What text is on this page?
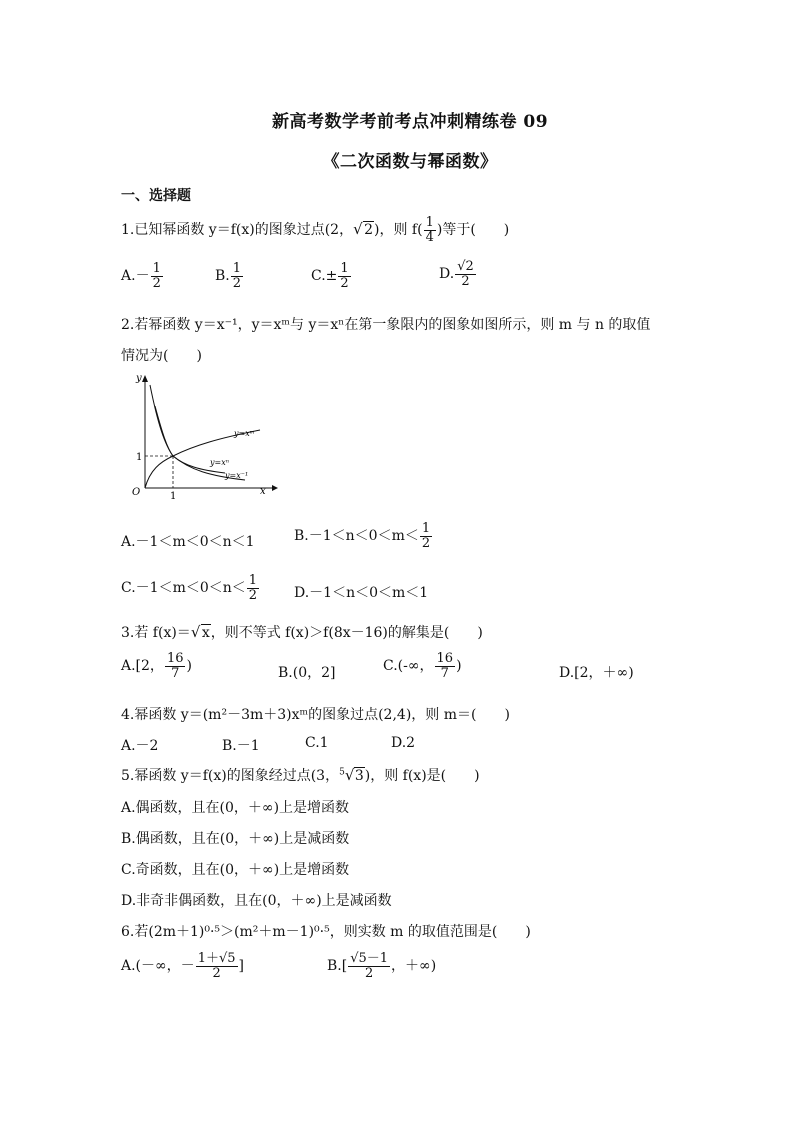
新高考数学考前考点冲刺精练卷 09
《二次函数与幂函数》
一、选择题
1.已知幂函数 y＝f(x)的图象过点(2， √ 2)，则 $f( \frac{1}{4}$ )等于(　　)
$A.- \frac{1}{2}$	B. $\frac{1}{2}$	$C.\pm \frac{1}{2}$	D. $\frac{√2}{2}$
2.若幂函数 y＝x⁻¹，y＝xᵐ与 y＝xⁿ在第一象限内的图象如图所示，则 m 与 n 的取值
情况为(　　)
y
x
O	1
1
y=xᵐ
y=xⁿ
y=x⁻¹
A.－1＜m＜0＜n＜1	$B.-1<n<0<m< \frac{1}{2}$
$C.-1<m<0<n< \frac{1}{2} D.-1<n<0<m<1$
3.若 f(x)＝ √ x，则不等式 f(x)＞f(8x－16)的解集是(　　)
A.[2， $\frac{16}{7}$ )	B.(0，2]	C.(-∞， $\frac{16}{7}$ )	D.[2，＋∞)
4.幂函数 y＝(m²－3m＋3)xᵐ的图象过点(2,4)，则 m＝(　　)
A.－2	B.－1	C.1	D.2
5.幂函数 y＝f(x)的图象经过点(3，$^5$ √ 3)，则 f(x)是(　　)
A.偶函数，且在(0，＋∞)上是增函数
B.偶函数，且在(0，＋∞)上是减函数
C.奇函数，且在(0，＋∞)上是增函数
D.非奇非偶函数，且在(0，＋∞)上是减函数
6.若(2m＋1)⁰·⁵＞(m²＋m－1)⁰·⁵，则实数 m 的取值范围是(　　)
A.(－∞，－ $\frac{1+√5}{2}$ ]	$B.[ \frac{√5-1}{2}$ ，＋∞)
